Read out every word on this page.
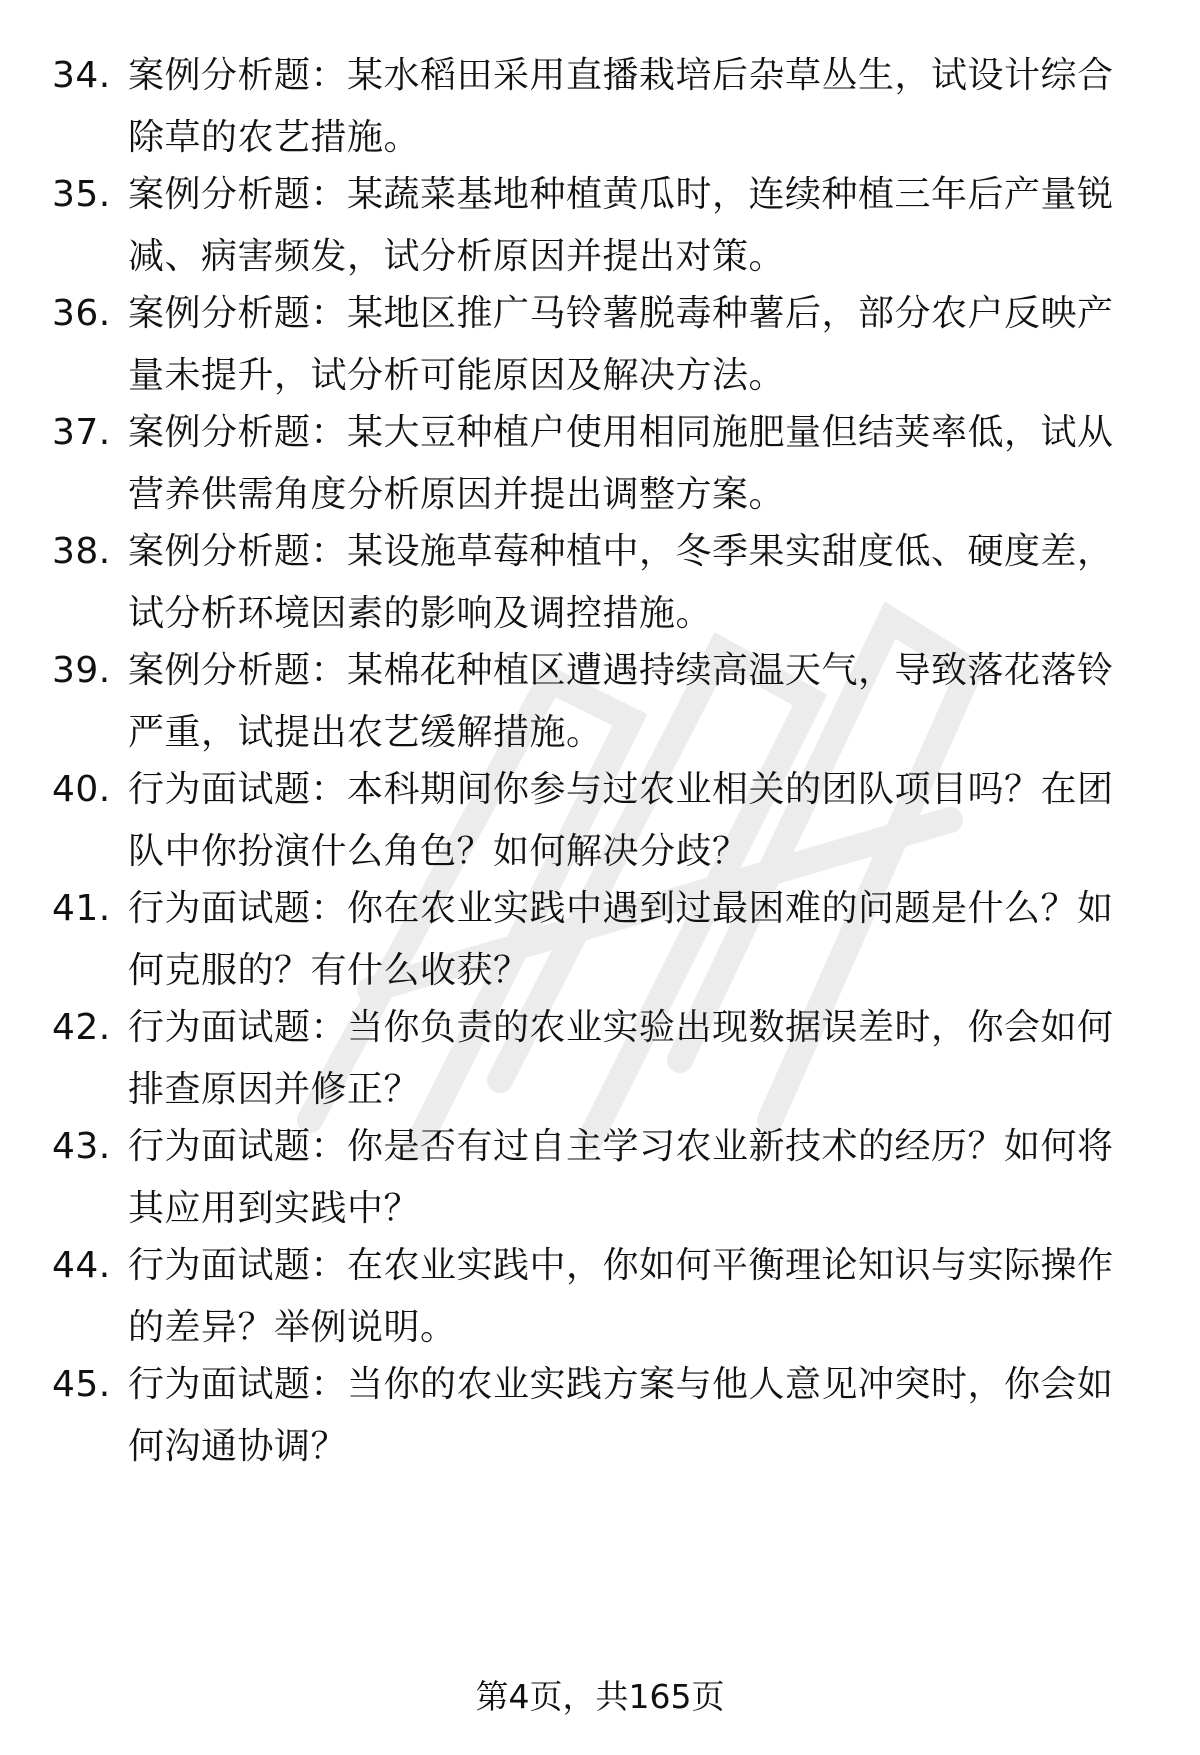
34. 案例分析题：某水稻田采用直播栽培后杂草丛生，试设计综合除草的农艺措施。
35. 案例分析题：某蔬菜基地种植黄瓜时，连续种植三年后产量锐减、病害频发，试分析原因并提出对策。
36. 案例分析题：某地区推广马铃薯脱毒种薯后，部分农户反映产量未提升，试分析可能原因及解决方法。
37. 案例分析题：某大豆种植户使用相同施肥量但结荚率低，试从营养供需角度分析原因并提出调整方案。
38. 案例分析题：某设施草莓种植中，冬季果实甜度低、硬度差，试分析环境因素的影响及调控措施。
39. 案例分析题：某棉花种植区遭遇持续高温天气，导致落花落铃严重，试提出农艺缓解措施。
40. 行为面试题：本科期间你参与过农业相关的团队项目吗？在团队中你扮演什么角色？如何解决分歧？
41. 行为面试题：你在农业实践中遇到过最困难的问题是什么？如何克服的？有什么收获？
42. 行为面试题：当你负责的农业实验出现数据误差时，你会如何排查原因并修正？
43. 行为面试题：你是否有过自主学习农业新技术的经历？如何将其应用到实践中？
44. 行为面试题：在农业实践中，你如何平衡理论知识与实际操作的差异？举例说明。
45. 行为面试题：当你的农业实践方案与他人意见冲突时，你会如何沟通协调？
第4页，共165页
